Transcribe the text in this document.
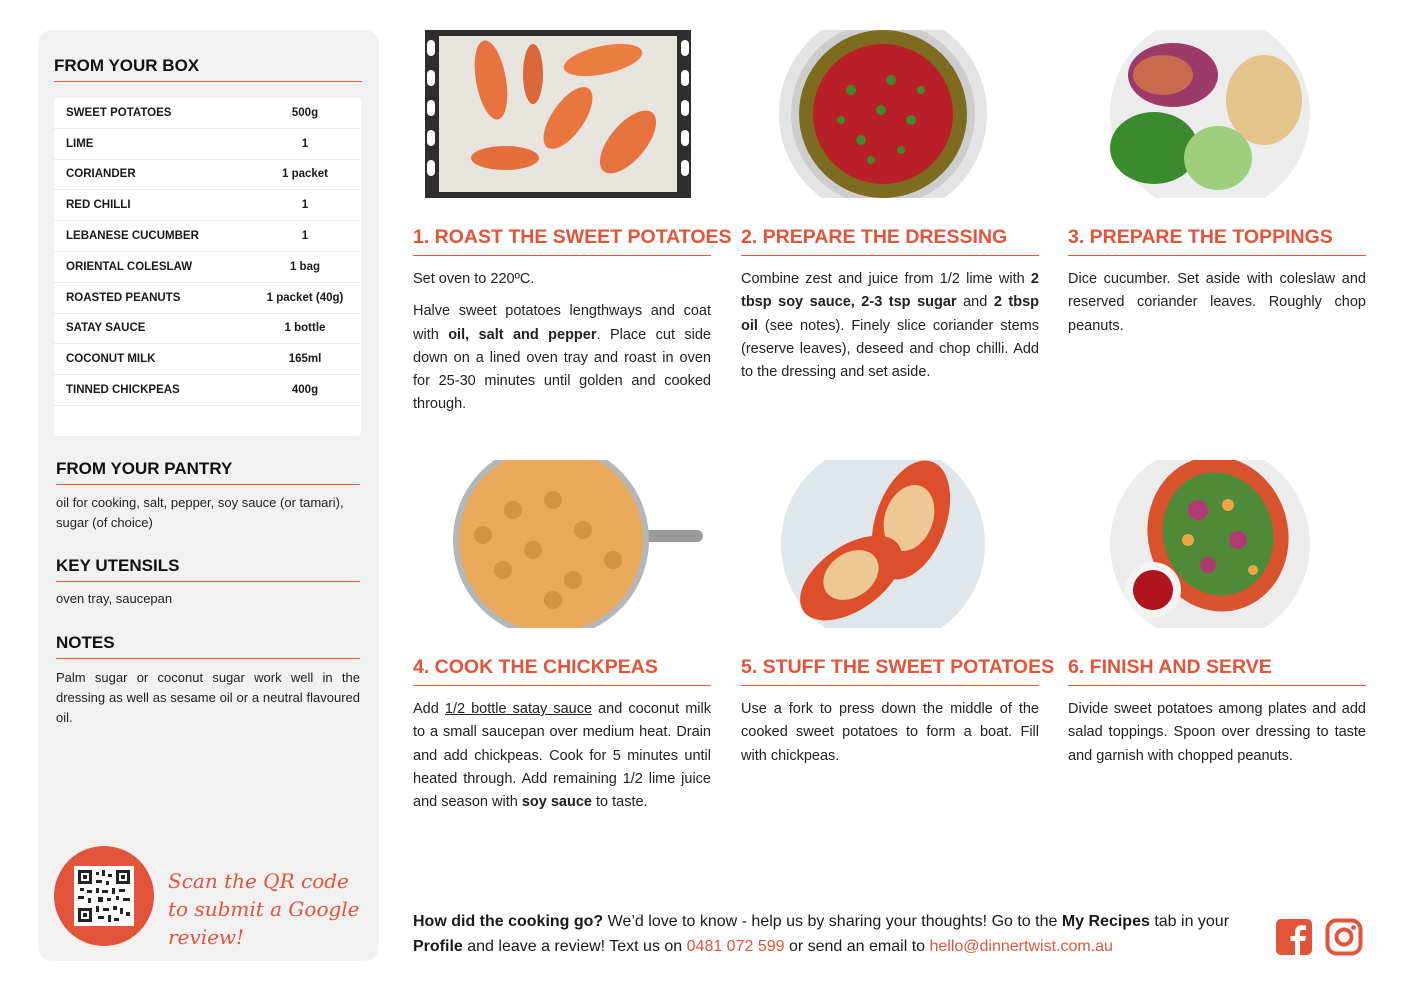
FROM YOUR BOX
SWEET POTATOES	500g
LIME	1
CORIANDER	1 packet
RED CHILLI	1
LEBANESE CUCUMBER	1
ORIENTAL COLESLAW	1 bag
ROASTED PEANUTS	1 packet (40g)
SATAY SAUCE	1 bottle
COCONUT MILK	165ml
TINNED CHICKPEAS	400g
FROM YOUR PANTRY
oil for cooking, salt, pepper, soy sauce (or tamari), sugar (of choice)
KEY UTENSILS
oven tray, saucepan
NOTES
Palm sugar or coconut sugar work well in the dressing as well as sesame oil or a neutral flavoured oil.
Scan the QR code to submit a Google review!
1. ROAST THE SWEET POTATOES

Set oven to 220ºC.

Halve sweet potatoes lengthways and coat with oil, salt and pepper. Place cut side down on a lined oven tray and roast in oven for 25-30 minutes until golden and cooked through.

2. PREPARE THE DRESSING

Combine zest and juice from 1/2 lime with 2 tbsp soy sauce, 2-3 tsp sugar and 2 tbsp oil (see notes). Finely slice coriander stems (reserve leaves), deseed and chop chilli. Add to the dressing and set aside.

3. PREPARE THE TOPPINGS

Dice cucumber. Set aside with coleslaw and reserved coriander leaves. Roughly chop peanuts.

4. COOK THE CHICKPEAS

Add 1/2 bottle satay sauce and coconut milk to a small saucepan over medium heat. Drain and add chickpeas. Cook for 5 minutes until heated through. Add remaining 1/2 lime juice and season with soy sauce to taste.

5. STUFF THE SWEET POTATOES

Use a fork to press down the middle of the cooked sweet potatoes to form a boat. Fill with chickpeas.

6. FINISH AND SERVE

Divide sweet potatoes among plates and add salad toppings. Spoon over dressing to taste and garnish with chopped peanuts.

How did the cooking go? We’d love to know - help us by sharing your thoughts! Go to the My Recipes tab in your Profile and leave a review! Text us on 0481 072 599 or send an email to hello@dinnertwist.com.au
